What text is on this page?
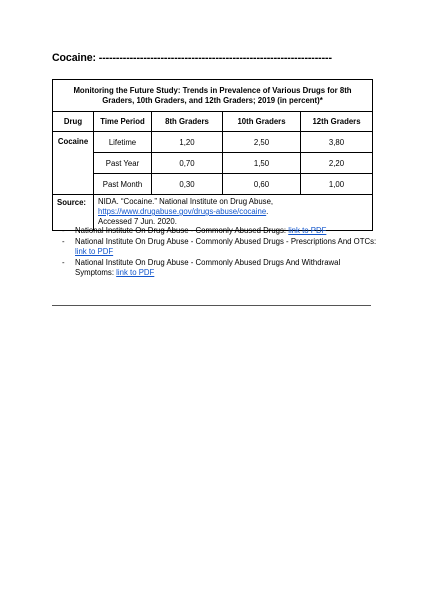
Cocaine: --------------------------------------------------------------------
Monitoring the Future Study: Trends in Prevalence of Various Drugs for 8th Graders, 10th Graders, and 12th Graders; 2019 (in percent)*				
Drug	Time Period	8th Graders	10th Graders	12th Graders
Cocaine	Lifetime	1,20	2,50	3,80
	Past Year	0,70	1,50	2,20
	Past Month	0,30	0,60	1,00
Source:	NIDA. “Cocaine.” National Institute on Drug Abuse,
https://www.drugabuse.gov/drugs-abuse/cocaine.
Accessed 7 Jun. 2020.			
- National Institute On Drug Abuse - Commonly Abused Drugs: link to PDF
- National Institute On Drug Abuse - Commonly Abused Drugs - Prescriptions And OTCs: link to PDF
- National Institute On Drug Abuse - Commonly Abused Drugs And Withdrawal Symptoms: link to PDF
